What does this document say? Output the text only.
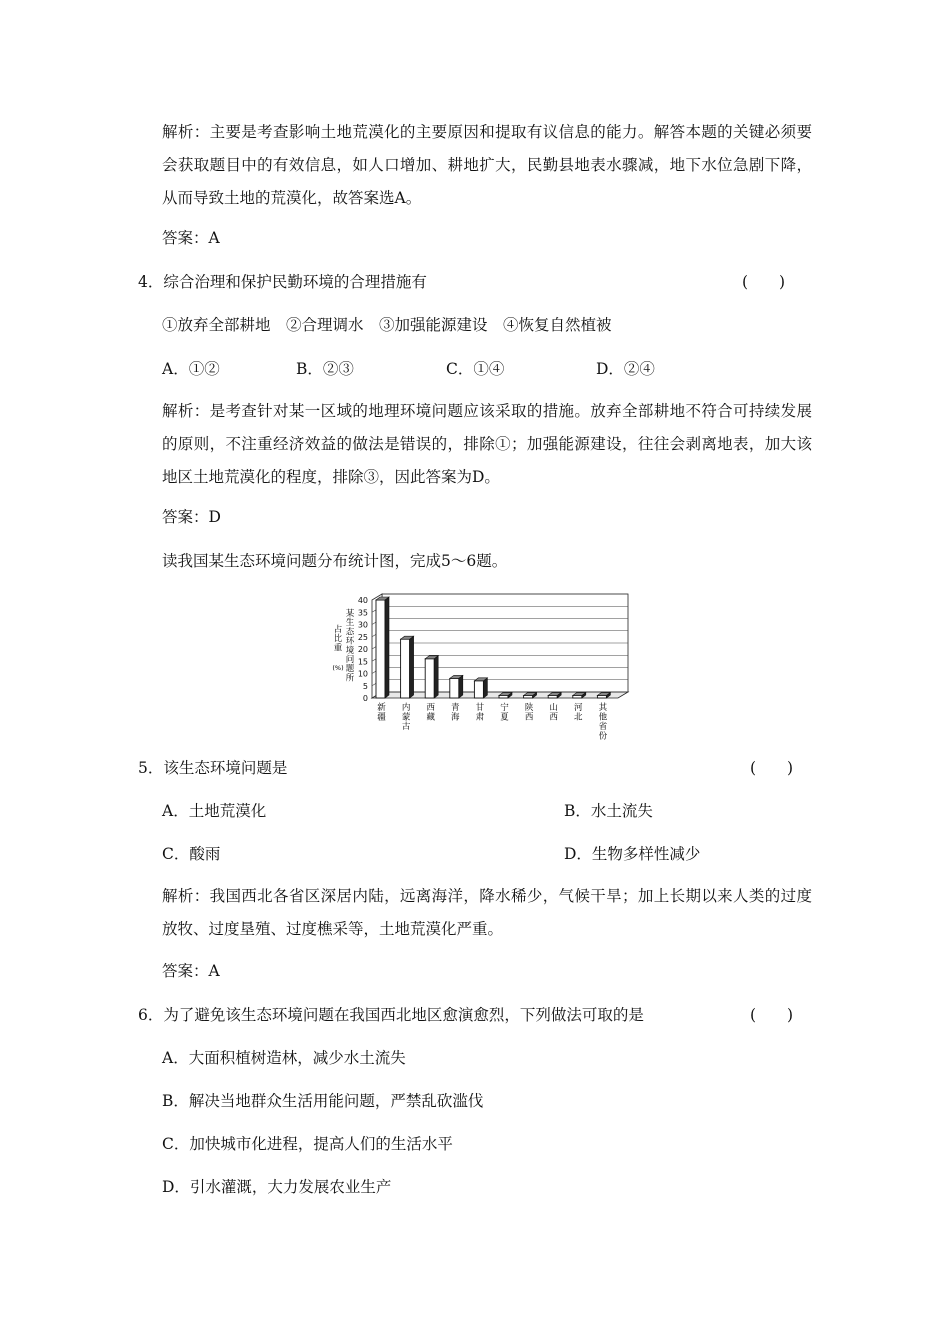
解析：主要是考查影响土地荒漠化的主要原因和提取有议信息的能力。解答本题的关键必须要会获取题目中的有效信息，如人口增加、耕地扩大，民勤县地表水骤减，地下水位急剧下降，从而导致土地的荒漠化，故答案选A。
答案：A
4．综合治理和保护民勤环境的合理措施有	(　　)
①放弃全部耕地　②合理调水　③加强能源建设　④恢复自然植被
A．①②	B．②③	C．①④	D．②④
解析：是考查针对某一区域的地理环境问题应该采取的措施。放弃全部耕地不符合可持续发展的原则，不注重经济效益的做法是错误的，排除①；加强能源建设，往往会剥离地表，加大该地区土地荒漠化的程度，排除③，因此答案为D。
答案：D
读我国某生态环境问题分布统计图，完成5～6题。
0
5
10
15
20
25
30
35
40
某
生
态
环
境
问
题
所
占
比
重
(%)
新
疆
内
蒙
古
西
藏
青
海
甘
肃
宁
夏
陕
西
山
西
河
北
其
他
省
份
5．该生态环境问题是	(　　)
A．土地荒漠化	B．水土流失
C．酸雨	D．生物多样性减少
解析：我国西北各省区深居内陆，远离海洋，降水稀少，气候干旱；加上长期以来人类的过度放牧、过度垦殖、过度樵采等，土地荒漠化严重。
答案：A
6．为了避免该生态环境问题在我国西北地区愈演愈烈，下列做法可取的是	(　　)
A．大面积植树造林，减少水土流失
B．解决当地群众生活用能问题，严禁乱砍滥伐
C．加快城市化进程，提高人们的生活水平
D．引水灌溉，大力发展农业生产
